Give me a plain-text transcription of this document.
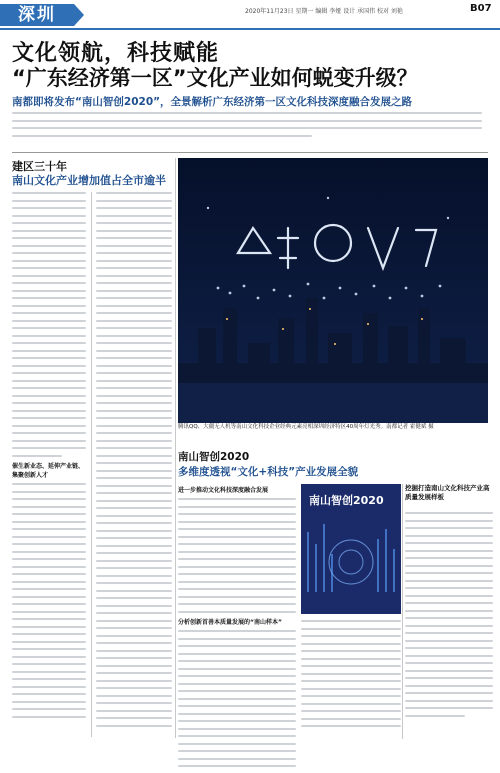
深圳	2020年11月23日 星期一 编辑 李娅 设计 承国伟 校对 刘艳	B07
文化领航，科技赋能
“广东经济第一区”文化产业如何蜕变升级？
南都即将发布“南山智创2020”，全景解析广东经济第一区文化科技深度融合发展之路
建区三十年
南山文化产业增加值占全市逾半
催生新业态、延伸产业链、集聚创新人才
腾讯QQ、大疆无人机等南山文化科技企业经典元素亮相深圳经济特区40周年灯光秀。南都记者 霍健斌 摄
南山智创2020
多维度透视“文化+科技”产业发展全貌
进一步推动文化科技深度融合发展
分析创新首善本质量发展的“南山样本”
南山智创2020
挖掘打造南山文化科技产业高质量发展样板
